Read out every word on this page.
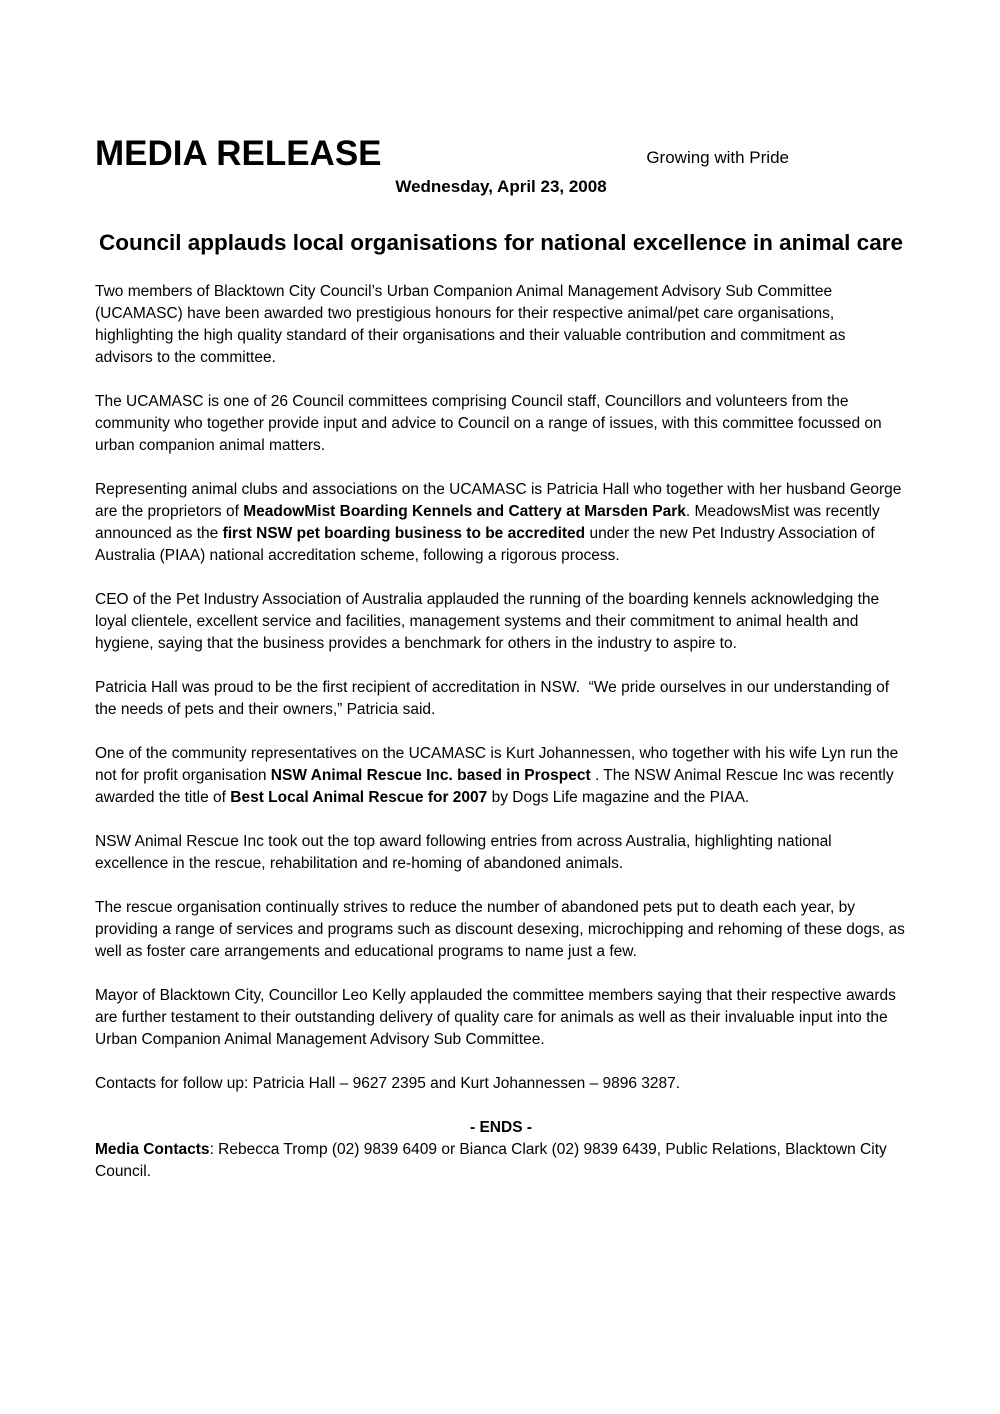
MEDIA RELEASE	Growing with Pride
Wednesday, April 23, 2008
Council applauds local organisations for national excellence in animal care

Two members of Blacktown City Council’s Urban Companion Animal Management Advisory Sub Committee (UCAMASC) have been awarded two prestigious honours for their respective animal/pet care organisations, highlighting the high quality standard of their organisations and their valuable contribution and commitment as advisors to the committee.

The UCAMASC is one of 26 Council committees comprising Council staff, Councillors and volunteers from the community who together provide input and advice to Council on a range of issues, with this committee focussed on urban companion animal matters.

Representing animal clubs and associations on the UCAMASC is Patricia Hall who together with her husband George are the proprietors of MeadowMist Boarding Kennels and Cattery at Marsden Park. MeadowsMist was recently announced as the first NSW pet boarding business to be accredited under the new Pet Industry Association of Australia (PIAA) national accreditation scheme, following a rigorous process.

CEO of the Pet Industry Association of Australia applauded the running of the boarding kennels acknowledging the loyal clientele, excellent service and facilities, management systems and their commitment to animal health and hygiene, saying that the business provides a benchmark for others in the industry to aspire to.

Patricia Hall was proud to be the first recipient of accreditation in NSW.  “We pride ourselves in our understanding of the needs of pets and their owners,” Patricia said.

One of the community representatives on the UCAMASC is Kurt Johannessen, who together with his wife Lyn run the not for profit organisation NSW Animal Rescue Inc. based in Prospect . The NSW Animal Rescue Inc was recently awarded the title of Best Local Animal Rescue for 2007 by Dogs Life magazine and the PIAA.

NSW Animal Rescue Inc took out the top award following entries from across Australia, highlighting national excellence in the rescue, rehabilitation and re-homing of abandoned animals.

The rescue organisation continually strives to reduce the number of abandoned pets put to death each year, by providing a range of services and programs such as discount desexing, microchipping and rehoming of these dogs, as well as foster care arrangements and educational programs to name just a few.

Mayor of Blacktown City, Councillor Leo Kelly applauded the committee members saying that their respective awards are further testament to their outstanding delivery of quality care for animals as well as their invaluable input into the Urban Companion Animal Management Advisory Sub Committee.

Contacts for follow up: Patricia Hall – 9627 2395 and Kurt Johannessen – 9896 3287.

- ENDS -

Media Contacts: Rebecca Tromp (02) 9839 6409 or Bianca Clark (02) 9839 6439, Public Relations, Blacktown City Council.
